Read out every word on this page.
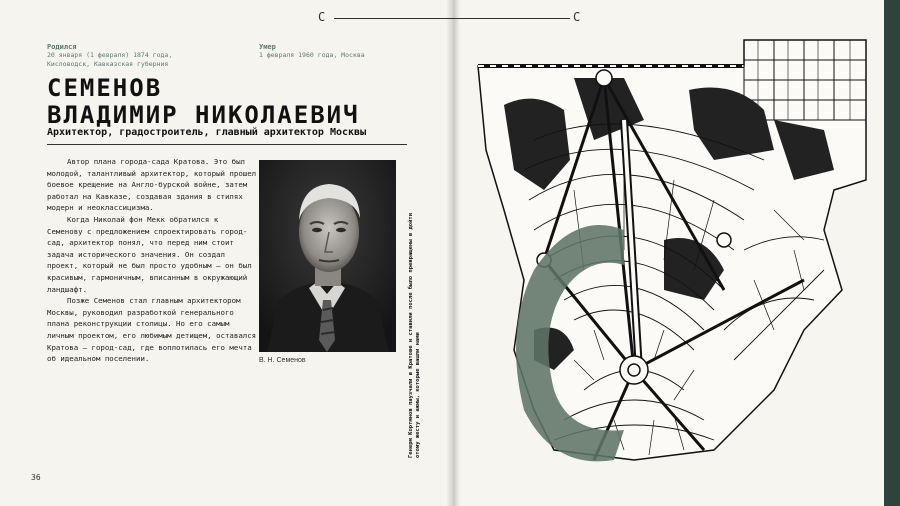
Родился
20 января (1 февраля) 1874 года,
Кисловодск, Кавказская губерния
Умер
1 февраля 1960 года, Москва
СЕМЕНОВ
ВЛАДИМИР НИКОЛАЕВИЧ
Архитектор, градостроитель, главный архитектор Москвы

Автор плана города-сада Кратова. Это был молодой, талантливый архитектор, который прошел боевое крещение на Англо-бурской войне, затем работал на Кавказе, создавая здания в стилях модерн и неоклассицизма.

Когда Николай фон Мекк обратился к Семенову с предложением спроектировать город-сад, архитектор понял, что перед ним стоит задача исторического значения. Он создал проект, который не был просто удобным — он был красивым, гармоничным, вписанным в окружающий ландшафт.

Позже Семенов стал главным архитектором Москвы, руководил разработкой генерального плана реконструкции столицы. Но его самым личным проектом, его любимым детищем, оставался Кратова — город-сад, где воплотилась его мечта об идеальном поселении.	В. Н. Семенов
36
Генерм Кортмнов паузчали в Кратове и ставили после было превращены в дойти отому жесту и ажиы, которые вашли нами
С	С
